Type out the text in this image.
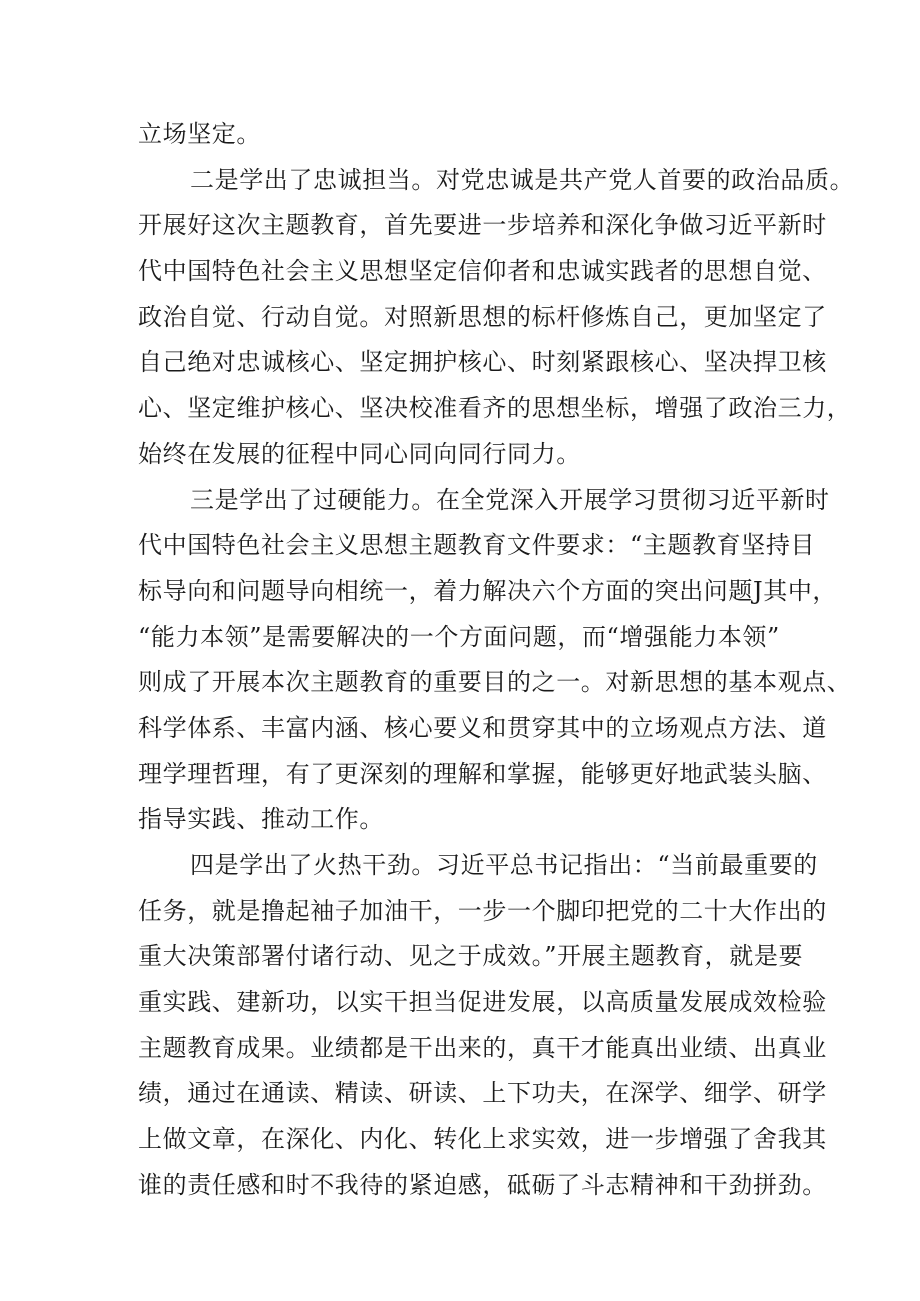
立场坚定。
二是学出了忠诚担当。对党忠诚是共产党人首要的政治品质。
开展好这次主题教育，首先要进一步培养和深化争做习近平新时
代中国特色社会主义思想坚定信仰者和忠诚实践者的思想自觉、
政治自觉、行动自觉。对照新思想的标杆修炼自己，更加坚定了
自己绝对忠诚核心、坚定拥护核心、时刻紧跟核心、坚决捍卫核
心、坚定维护核心、坚决校准看齐的思想坐标，增强了政治三力，
始终在发展的征程中同心同向同行同力。
三是学出了过硬能力。在全党深入开展学习贯彻习近平新时
代中国特色社会主义思想主题教育文件要求：“主题教育坚持目
标导向和问题导向相统一，着力解决六个方面的突出问题J其中，
“能力本领”是需要解决的一个方面问题，而“增强能力本领”
则成了开展本次主题教育的重要目的之一。对新思想的基本观点、
科学体系、丰富内涵、核心要义和贯穿其中的立场观点方法、道
理学理哲理，有了更深刻的理解和掌握，能够更好地武装头脑、
指导实践、推动工作。
四是学出了火热干劲。习近平总书记指出：“当前最重要的
任务，就是撸起袖子加油干，一步一个脚印把党的二十大作出的
重大决策部署付诸行动、见之于成效。”开展主题教育，就是要
重实践、建新功，以实干担当促进发展，以高质量发展成效检验
主题教育成果。业绩都是干出来的，真干才能真出业绩、出真业
绩，通过在通读、精读、研读、上下功夫，在深学、细学、研学
上做文章，在深化、内化、转化上求实效，进一步增强了舍我其
谁的责任感和时不我待的紧迫感，砥砺了斗志精神和干劲拼劲。
